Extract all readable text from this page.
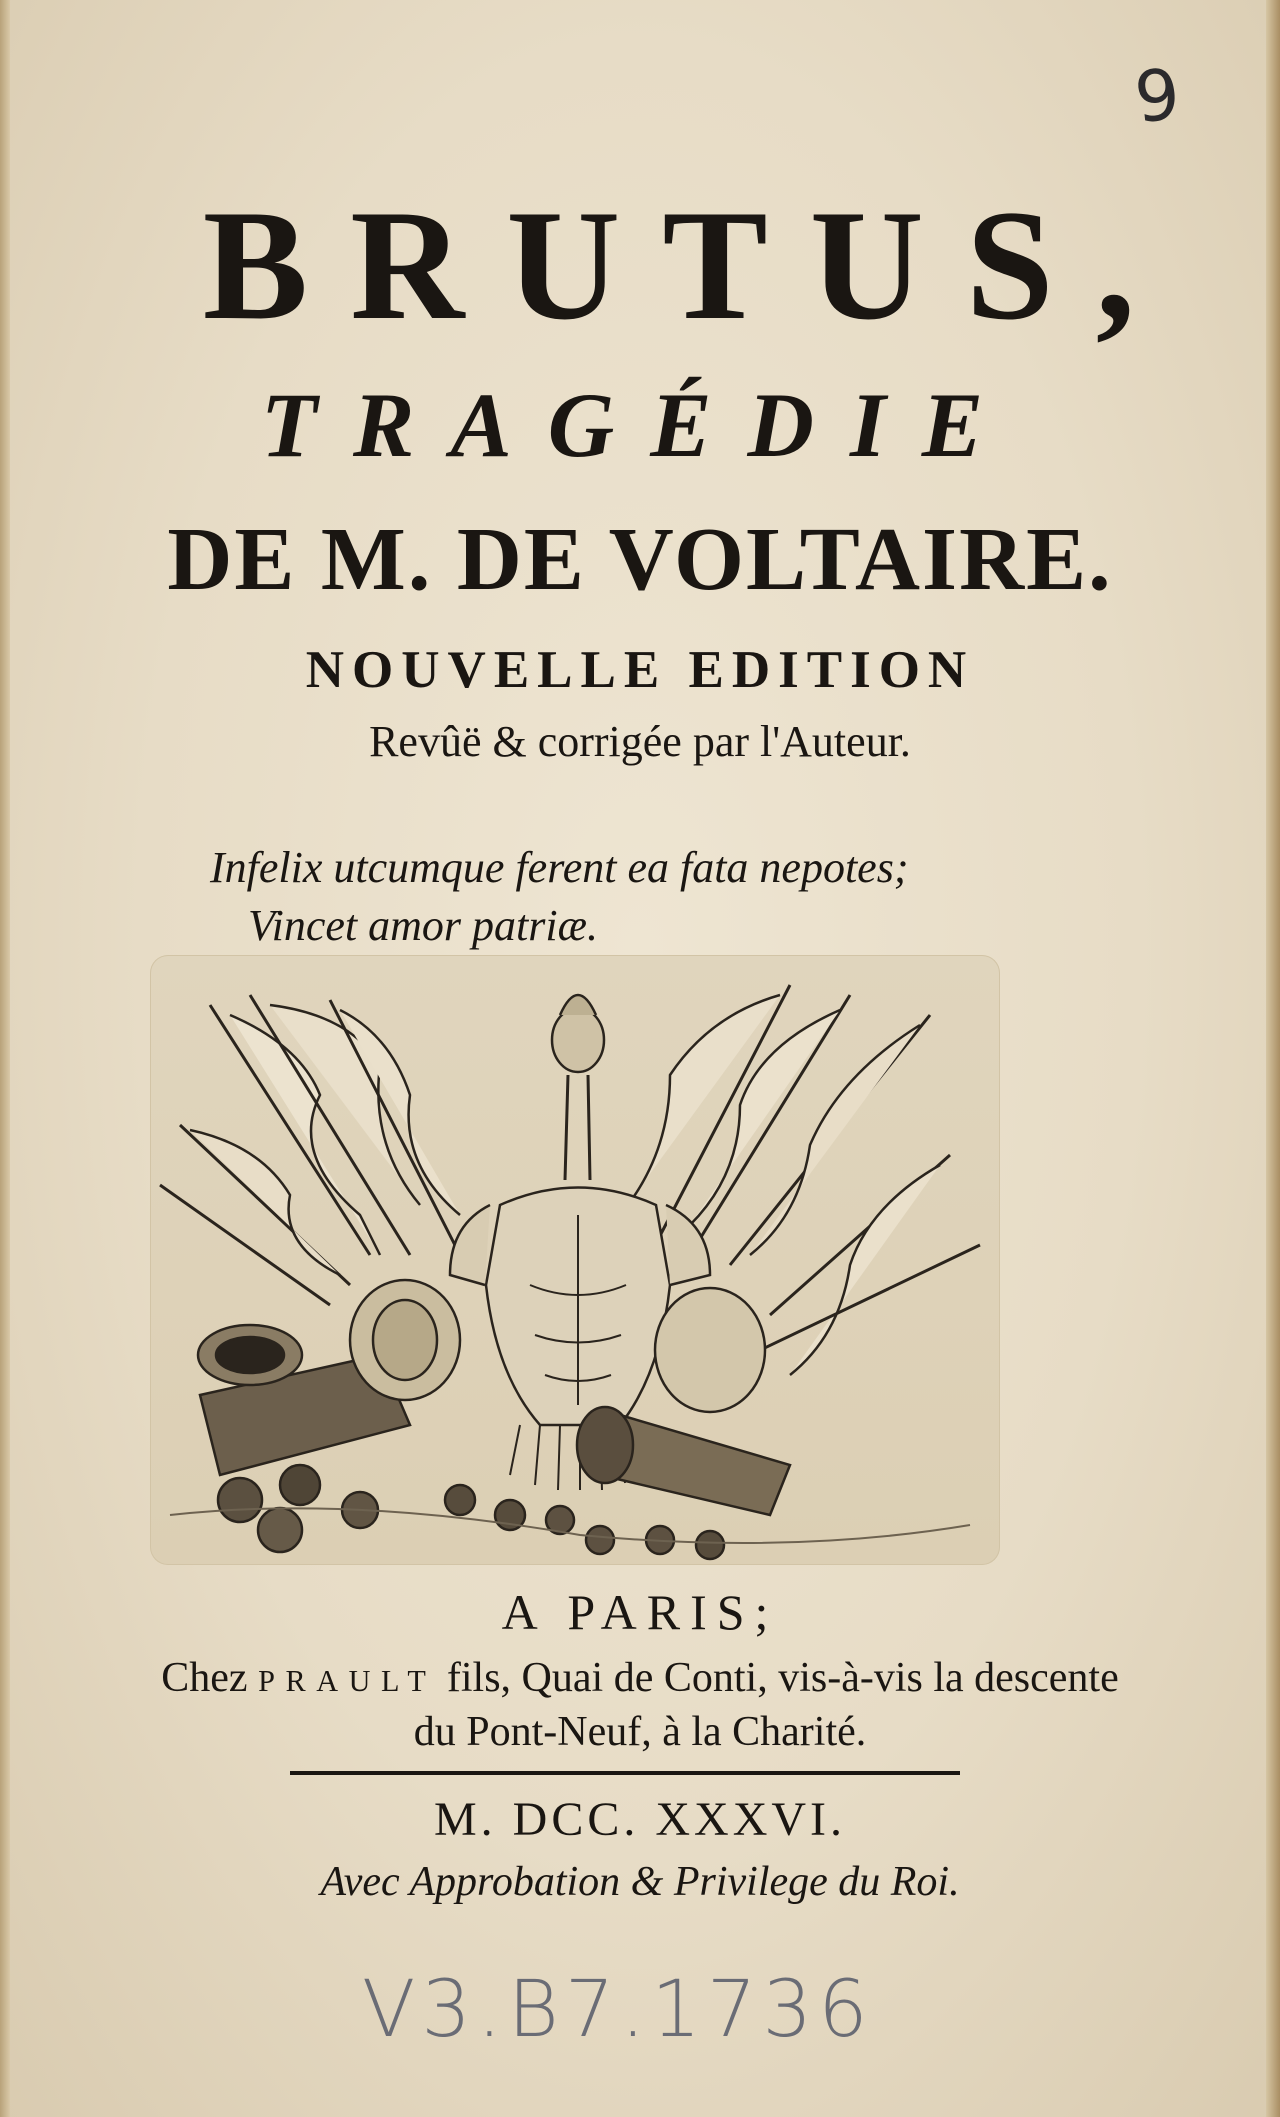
9
BRUTUS,
TRAGÉDIE
DE M. DE VOLTAIRE.
NOUVELLE EDITION
Revûë & corrigée par l'Auteur.
Infelix utcumque ferent ea fata nepotes;
Vincet amor patriæ.
A PARIS;
Chez PRAULT fils, Quai de Conti, vis-à-vis la descente
du Pont-Neuf, à la Charité.
M. DCC. XXXVI.
Avec Approbation & Privilege du Roi.
V3.B7.1736
